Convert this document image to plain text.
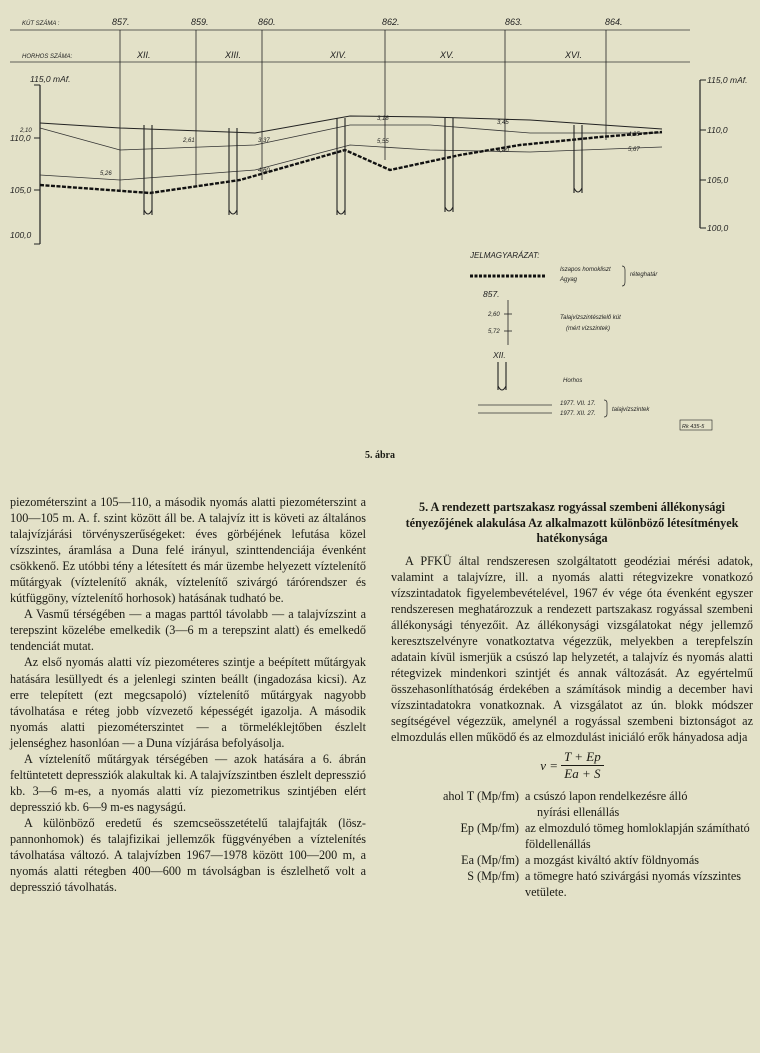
KÚT SZÁMA :	857.	859.	860.	862.	863.	864.
HORHOS SZÁMA:	XII.	XIII.	XIV.	XV.	XVI.
115,0 mAf.
110,0
105,0
100,0
115,0 mAf.
110,0
105,0
100,0
2,10
2,61
5,26
3,37
4,60
3,18
5,55
3,45
4,25
4,40	5,67
JELMAGYARÁZAT:
Iszapos homokliszt
Agyag
réteghatár
857.
2,60
5,72
Talajvízszintészlelő kút
(mért vízszintek)
XII.
Horhos
1977. VII. 17.
1977. XII. 27.
talajvízszintek
Rk 435-5
5. ábra

piezométerszint a 105—110, a második nyomás alatti piezométerszint a 100—105 m. A. f. szint között áll be. A talajvíz itt is követi az általános talajvízjárási törvényszerűségeket: éves görbéjének lefutása közel vízszintes, áramlása a Duna felé irányul, szinttendenciája évenként csökkenő. Ez utóbbi tény a létesített és már üzembe helyezett víztelenítő műtárgyak (víztelenítő aknák, víztelenítő szivárgó tárórendszer és kútfüggöny, víztelenítő horhosok) hatásának tudható be.

A Vasmű térségében — a magas parttól távolabb — a talajvízszint a terepszint közelébe emelkedik (3—6 m a terepszint alatt) és emelkedő tendenciát mutat.

Az első nyomás alatti víz piezométeres szintje a beépített műtárgyak hatására lesüllyedt és a jelenlegi szinten beállt (ingadozása kicsi). Az erre telepített (ezt megcsapoló) víztelenítő műtárgyak nagyobb távolhatása e réteg jobb vízvezető képességét igazolja. A második nyomás alatti piezométerszintet — a törmeléklejtőben észlelt jelenséghez hasonlóan — a Duna vízjárása befolyásolja.

A víztelenítő műtárgyak térségében — azok hatására a 6. ábrán feltüntetett depressziók alakultak ki. A talajvízszintben észlelt depresszió kb. 3—6 m-es, a nyomás alatti víz piezometrikus szintjében elért depresszió kb. 6—9 m-es nagyságú.

A különböző eredetű és szemcseösszetételű talajfajták (lösz-pannonhomok) és talajfizikai jellemzők függvényében a víztelenítés távolhatása változó. A talajvízben 1967—1978 között 100—200 m, a nyomás alatti rétegben 400—600 m távolságban is észlelhető volt a depresszió távolhatás.

5. A rendezett partszakasz rogyással szembeni állékonysági tényezőjének alakulása Az alkalmazott különböző létesítmények hatékonysága

A PFKÜ által rendszeresen szolgáltatott geodéziai mérési adatok, valamint a talajvízre, ill. a nyomás alatti rétegvizekre vonatkozó vízszintadatok figyelembevételével, 1967 év vége óta évenként egyszer rendszeresen meghatározzuk a rendezett partszakasz rogyással szembeni állékonysági tényezőit. Az állékonysági vizsgálatokat négy jellemző keresztszelvényre vonatkoztatva végezzük, melyekben a terepfelszín adatain kívül ismerjük a csúszó lap helyzetét, a talajvíz és nyomás alatti rétegvizek mindenkori szintjét és annak változását. Az egyértelmű összehasonlíthatóság érdekében a számítások mindig a december havi vízszintadatokra vonatkoznak. A vizsgálatot az ún. blokk módszer segítségével végezzük, amelynél a rogyással szembeni biztonságot az elmozdulás ellen működő és az elmozdulást iniciáló erők hányadosa adja

$\nu = \frac{T + Ep}{Ea + S}$
ahol T (Mp/fm) a csúszó lapon rendelkezésre álló
nyírási ellenállás
Ep (Mp/fm) az elmozduló tömeg homloklapján számítható földellenállás
Ea (Mp/fm) a mozgást kiváltó aktív földnyomás
S (Mp/fm) a tömegre ható szivárgási nyomás vízszintes vetülete.
